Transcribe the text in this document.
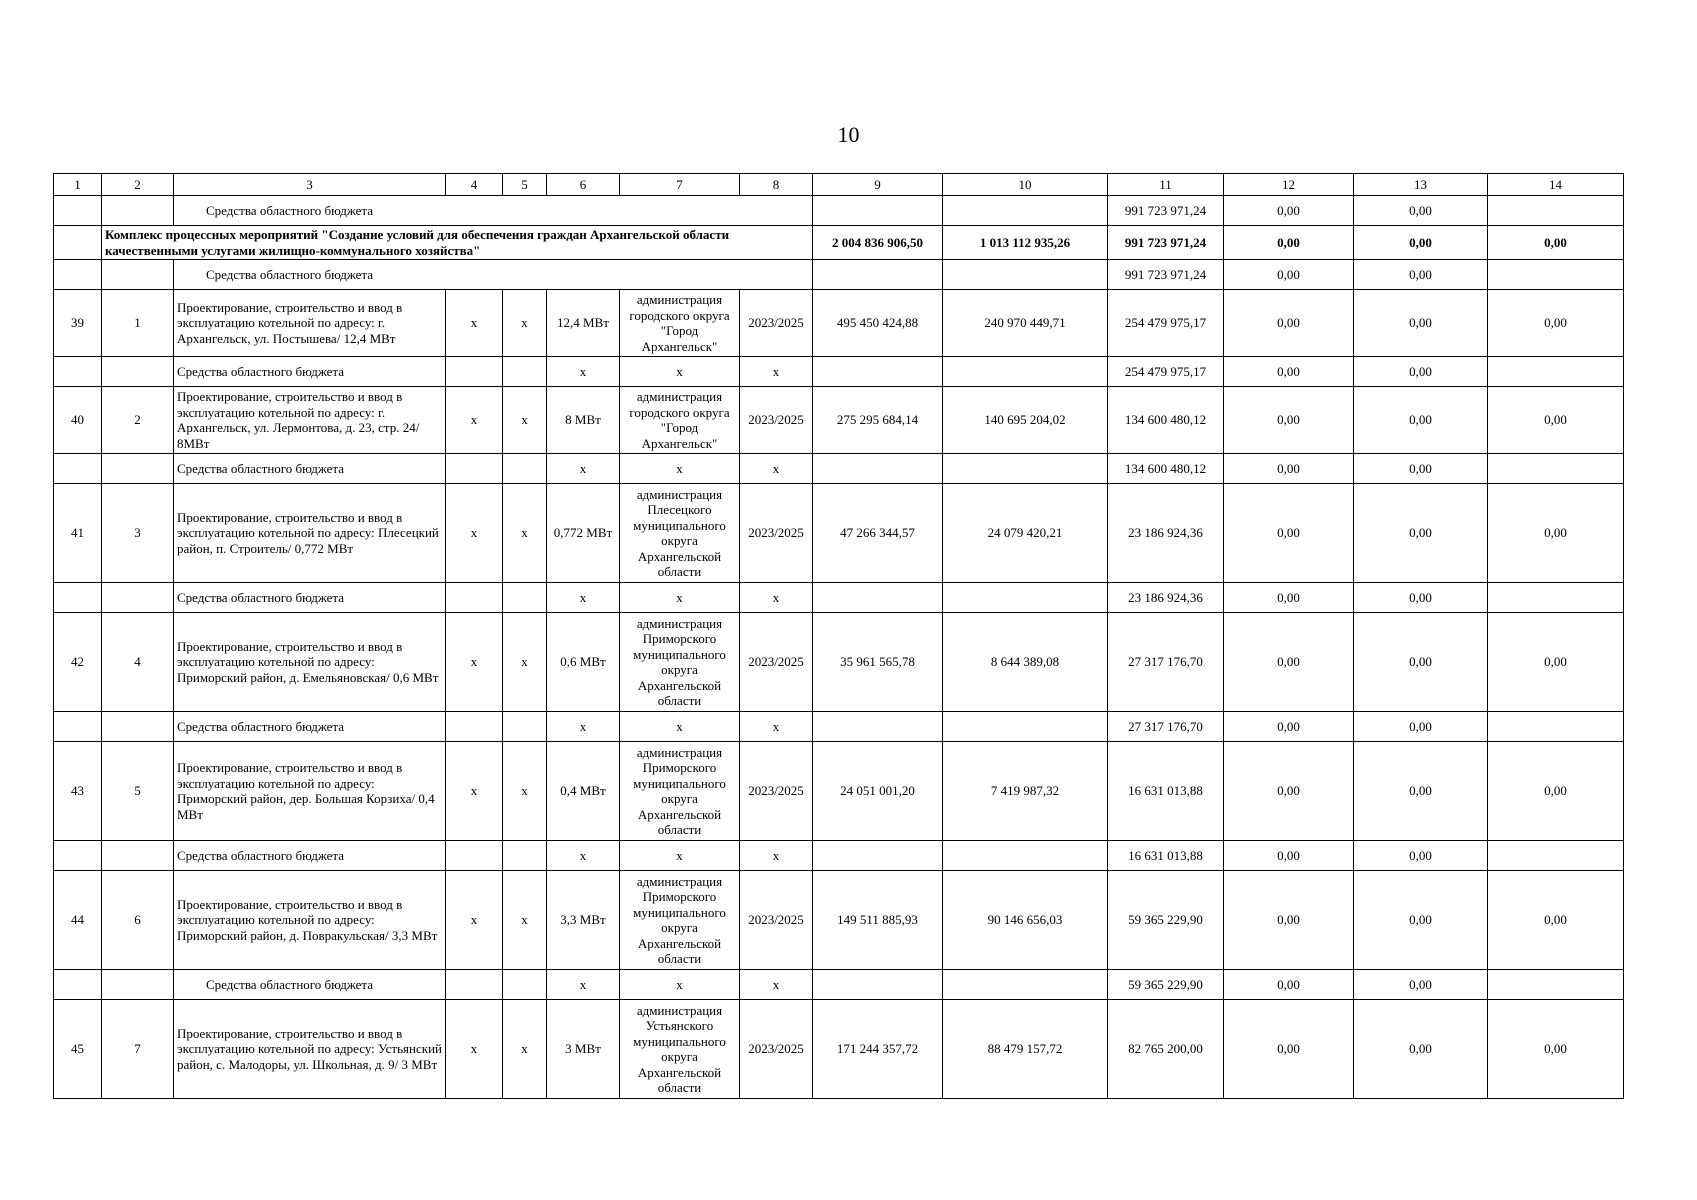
10
1	2	3	4	5	6	7	8	9	10	11	12	13	14
		Средства областного бюджета								991 723 971,24	0,00	0,00	
	Комплекс процессных мероприятий "Создание условий для обеспечения граждан Архангельской области качественными услугами жилищно-коммунального хозяйства"							2 004 836 906,50	1 013 112 935,26	991 723 971,24	0,00	0,00	0,00
		Средства областного бюджета								991 723 971,24	0,00	0,00	
39	1	Проектирование, строительство и ввод в эксплуатацию котельной по адресу: г. Архангельск, ул. Постышева/ 12,4 МВт	х	х	12,4 МВт	администрация городского округа "Город Архангельск"	2023/2025	495 450 424,88	240 970 449,71	254 479 975,17	0,00	0,00	0,00
		Средства областного бюджета			х	х	х			254 479 975,17	0,00	0,00	
40	2	Проектирование, строительство и ввод в эксплуатацию котельной по адресу: г. Архангельск, ул. Лермонтова, д. 23, стр. 24/ 8МВт	х	х	8 МВт	администрация городского округа "Город Архангельск"	2023/2025	275 295 684,14	140 695 204,02	134 600 480,12	0,00	0,00	0,00
		Средства областного бюджета			х	х	х			134 600 480,12	0,00	0,00	
41	3	Проектирование, строительство и ввод в эксплуатацию котельной по адресу: Плесецкий район, п. Строитель/ 0,772 МВт	х	х	0,772 МВт	администрация Плесецкого муниципального округа Архангельской области	2023/2025	47 266 344,57	24 079 420,21	23 186 924,36	0,00	0,00	0,00
		Средства областного бюджета			х	х	х			23 186 924,36	0,00	0,00	
42	4	Проектирование, строительство и ввод в эксплуатацию котельной по адресу: Приморский район, д. Емельяновская/ 0,6 МВт	х	х	0,6 МВт	администрация Приморского муниципального округа Архангельской области	2023/2025	35 961 565,78	8 644 389,08	27 317 176,70	0,00	0,00	0,00
		Средства областного бюджета			х	х	х			27 317 176,70	0,00	0,00	
43	5	Проектирование, строительство и ввод в эксплуатацию котельной по адресу: Приморский район, дер. Большая Корзиха/ 0,4 МВт	х	х	0,4 МВт	администрация Приморского муниципального округа Архангельской области	2023/2025	24 051 001,20	7 419 987,32	16 631 013,88	0,00	0,00	0,00
		Средства областного бюджета			х	х	х			16 631 013,88	0,00	0,00	
44	6	Проектирование, строительство и ввод в эксплуатацию котельной по адресу: Приморский район, д. Повракульская/ 3,3 МВт	х	х	3,3 МВт	администрация Приморского муниципального округа Архангельской области	2023/2025	149 511 885,93	90 146 656,03	59 365 229,90	0,00	0,00	0,00
		Средства областного бюджета			х	х	х			59 365 229,90	0,00	0,00	
45	7	Проектирование, строительство и ввод в эксплуатацию котельной по адресу: Устьянский район, с. Малодоры, ул. Школьная, д. 9/ 3 МВт	х	х	3 МВт	администрация Устьянского муниципального округа Архангельской области	2023/2025	171 244 357,72	88 479 157,72	82 765 200,00	0,00	0,00	0,00
